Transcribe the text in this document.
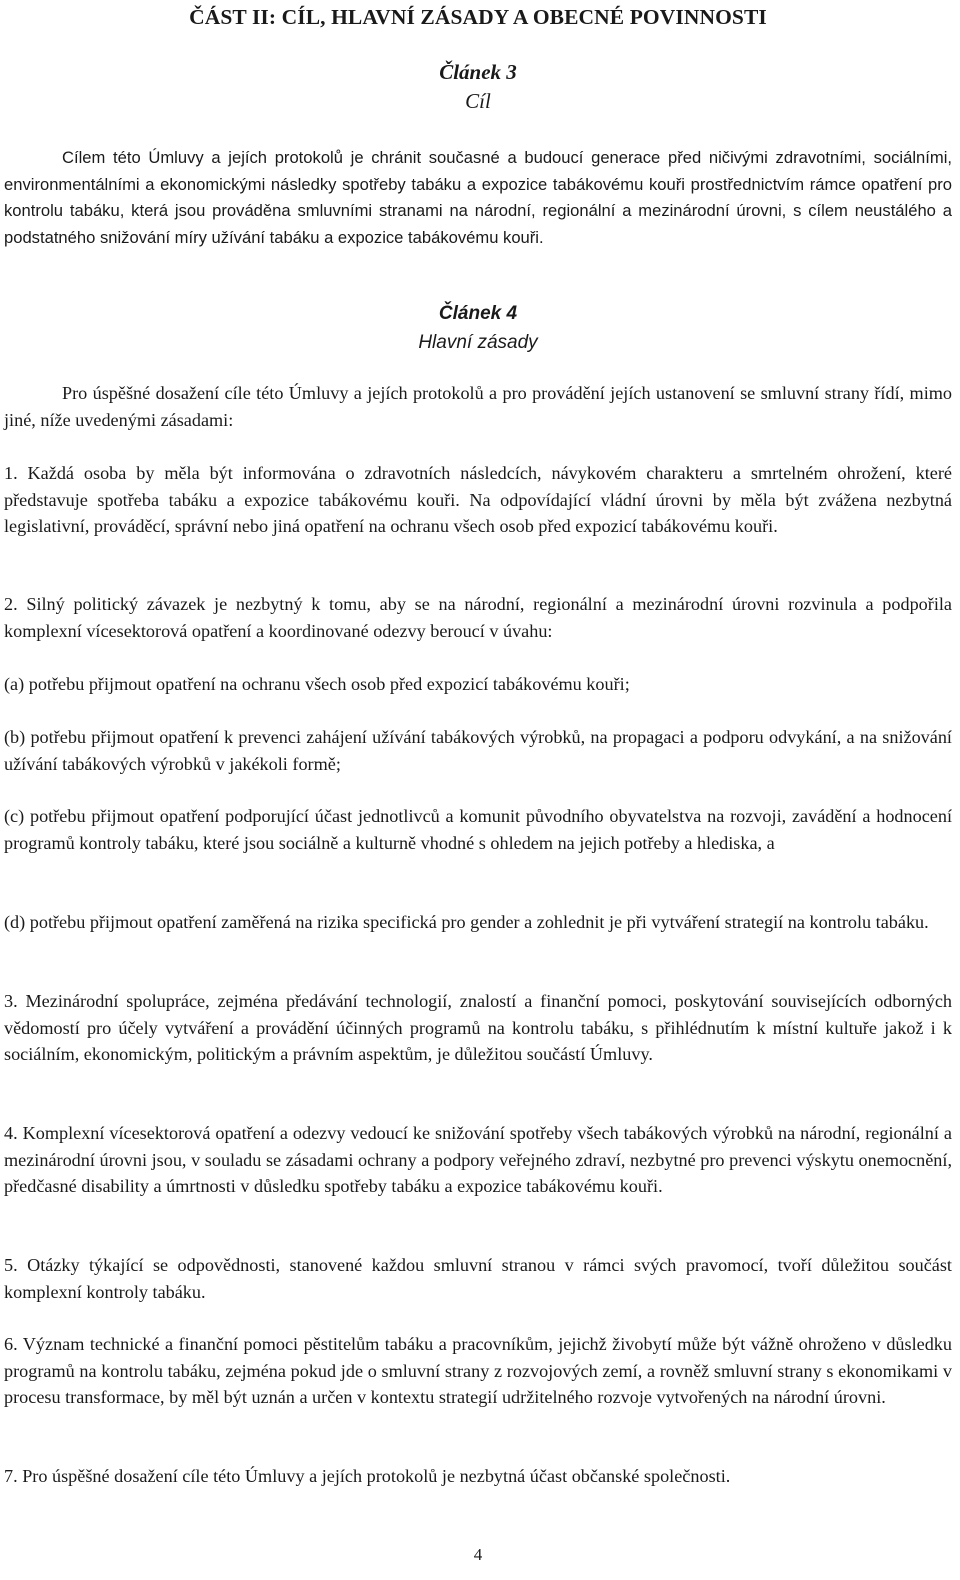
ČÁST II: CÍL, HLAVNÍ ZÁSADY A OBECNÉ POVINNOSTI
Článek 3
Cíl

Cílem této Úmluvy a jejích protokolů je chránit současné a budoucí generace před ničivými zdravotními, sociálními, environmentálními a ekonomickými následky spotřeby tabáku a expozice tabákovému kouři prostřednictvím rámce opatření pro kontrolu tabáku, která jsou prováděna smluvními stranami na národní, regionální a mezinárodní úrovni, s cílem neustálého a podstatného snižování míry užívání tabáku a expozice tabákovému kouři.

Článek 4
Hlavní zásady

Pro úspěšné dosažení cíle této Úmluvy a jejích protokolů a pro provádění jejích ustanovení se smluvní strany řídí, mimo jiné, níže uvedenými zásadami:

1. Každá osoba by měla být informována o zdravotních následcích, návykovém charakteru a smrtelném ohrožení, které představuje spotřeba tabáku a expozice tabákovému kouři. Na odpovídající vládní úrovni by měla být zvážena nezbytná legislativní, prováděcí, správní nebo jiná opatření na ochranu všech osob před expozicí tabákovému kouři.

2. Silný politický závazek je nezbytný k tomu, aby se na národní, regionální a mezinárodní úrovni rozvinula a podpořila komplexní vícesektorová opatření a koordinované odezvy beroucí v úvahu:

(a) potřebu přijmout opatření na ochranu všech osob před expozicí tabákovému kouři;

(b) potřebu přijmout opatření k prevenci zahájení užívání tabákových výrobků, na propagaci a podporu odvykání, a na snižování užívání tabákových výrobků v jakékoli formě;

(c) potřebu přijmout opatření podporující účast jednotlivců a komunit původního obyvatelstva na rozvoji, zavádění a hodnocení programů kontroly tabáku, které jsou sociálně a kulturně vhodné s ohledem na jejich potřeby a hlediska, a

(d) potřebu přijmout opatření zaměřená na rizika specifická pro gender a zohlednit je při vytváření strategií na kontrolu tabáku.

3. Mezinárodní spolupráce, zejména předávání technologií, znalostí a finanční pomoci, poskytování souvisejících odborných vědomostí pro účely vytváření a provádění účinných programů na kontrolu tabáku, s přihlédnutím k místní kultuře jakož i k sociálním, ekonomickým, politickým a právním aspektům, je důležitou součástí Úmluvy.

4. Komplexní vícesektorová opatření a odezvy vedoucí ke snižování spotřeby všech tabákových výrobků na národní, regionální a mezinárodní úrovni jsou, v souladu se zásadami ochrany a podpory veřejného zdraví, nezbytné pro prevenci výskytu onemocnění, předčasné disability a úmrtnosti v důsledku spotřeby tabáku a expozice tabákovému kouři.

5. Otázky týkající se odpovědnosti, stanovené každou smluvní stranou v rámci svých pravomocí, tvoří důležitou součást komplexní kontroly tabáku.

6. Význam technické a finanční pomoci pěstitelům tabáku a pracovníkům, jejichž živobytí může být vážně ohroženo v důsledku programů na kontrolu tabáku, zejména pokud jde o smluvní strany z rozvojových zemí, a rovněž smluvní strany s ekonomikami v procesu transformace, by měl být uznán a určen v kontextu strategií udržitelného rozvoje vytvořených na národní úrovni.

7. Pro úspěšné dosažení cíle této Úmluvy a jejích protokolů je nezbytná účast občanské společnosti.

4
